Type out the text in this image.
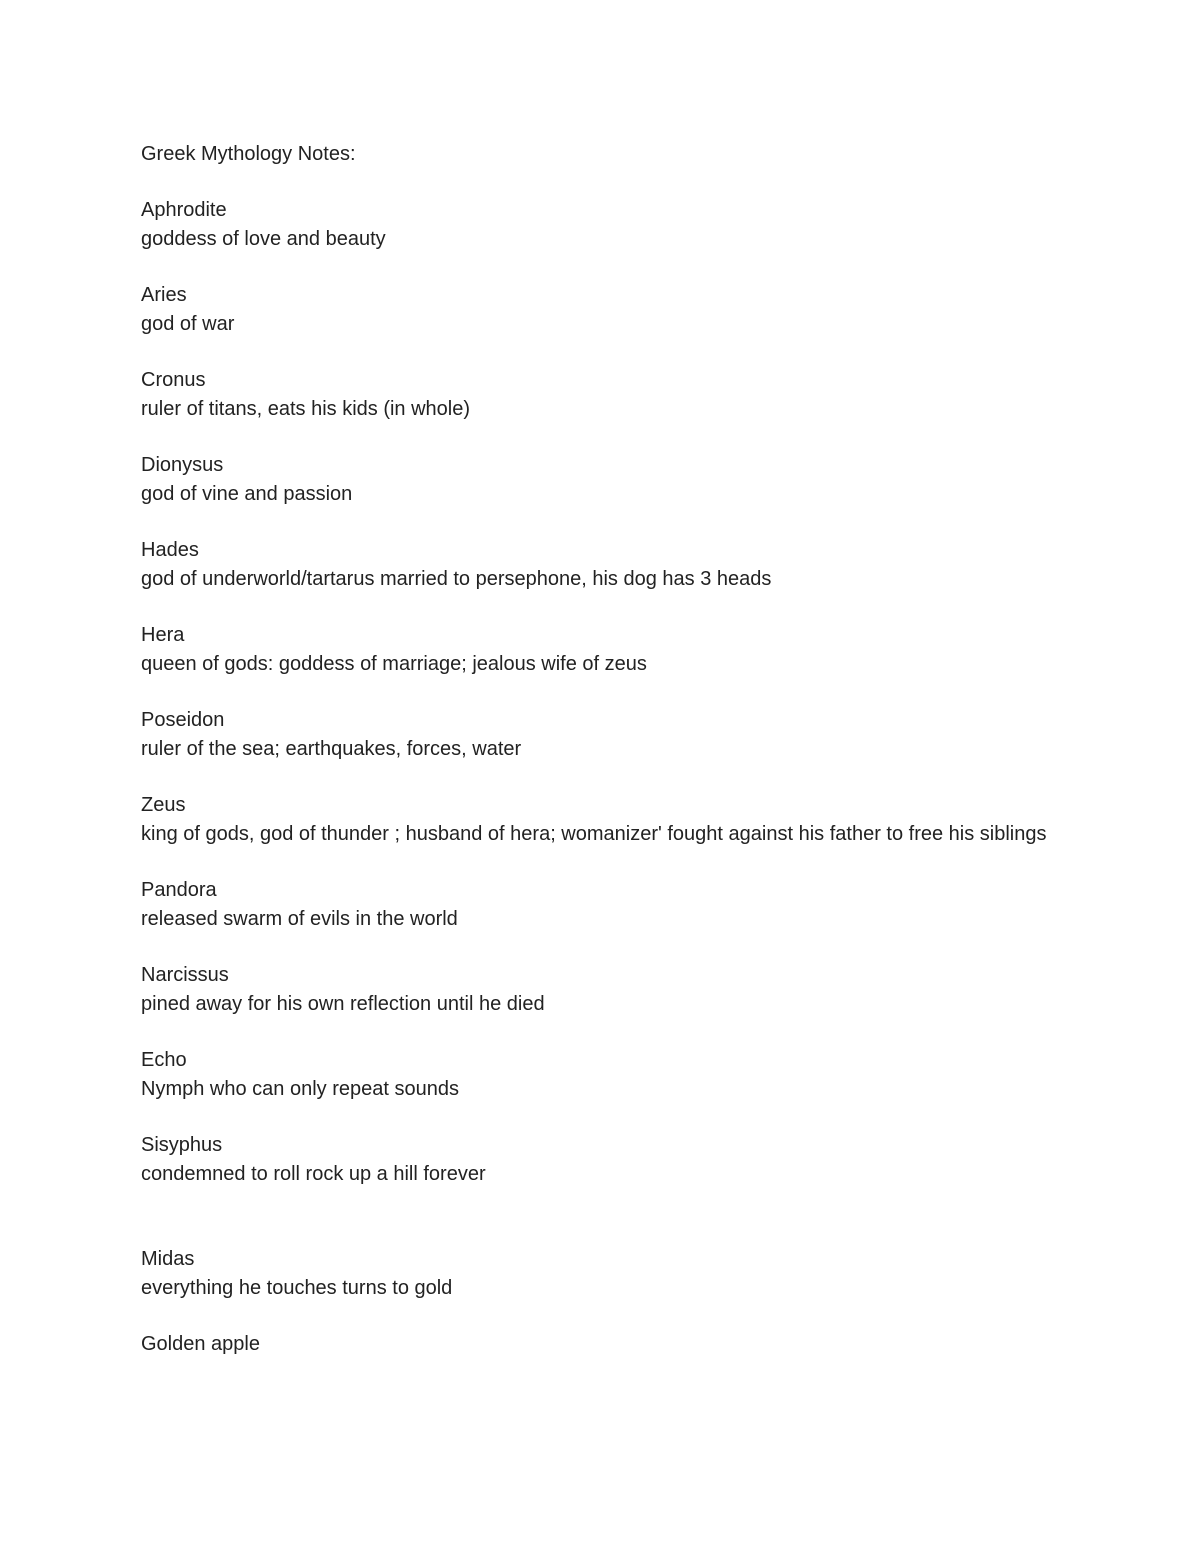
Greek Mythology Notes:
Aphrodite
goddess of love and beauty
Aries
god of war
Cronus
ruler of titans, eats his kids (in whole)
Dionysus
god of vine and passion
Hades
god of underworld/tartarus married to persephone, his dog has 3 heads
Hera
queen of gods: goddess of marriage; jealous wife of zeus
Poseidon
ruler of the sea; earthquakes, forces, water
Zeus
king of gods, god of thunder ; husband of hera; womanizer' fought against his father to free his siblings
Pandora
released swarm of evils in the world
Narcissus
pined away for his own reflection until he died
Echo
Nymph who can only repeat sounds
Sisyphus
condemned to roll rock up a hill forever
Midas
everything he touches turns to gold
Golden apple
